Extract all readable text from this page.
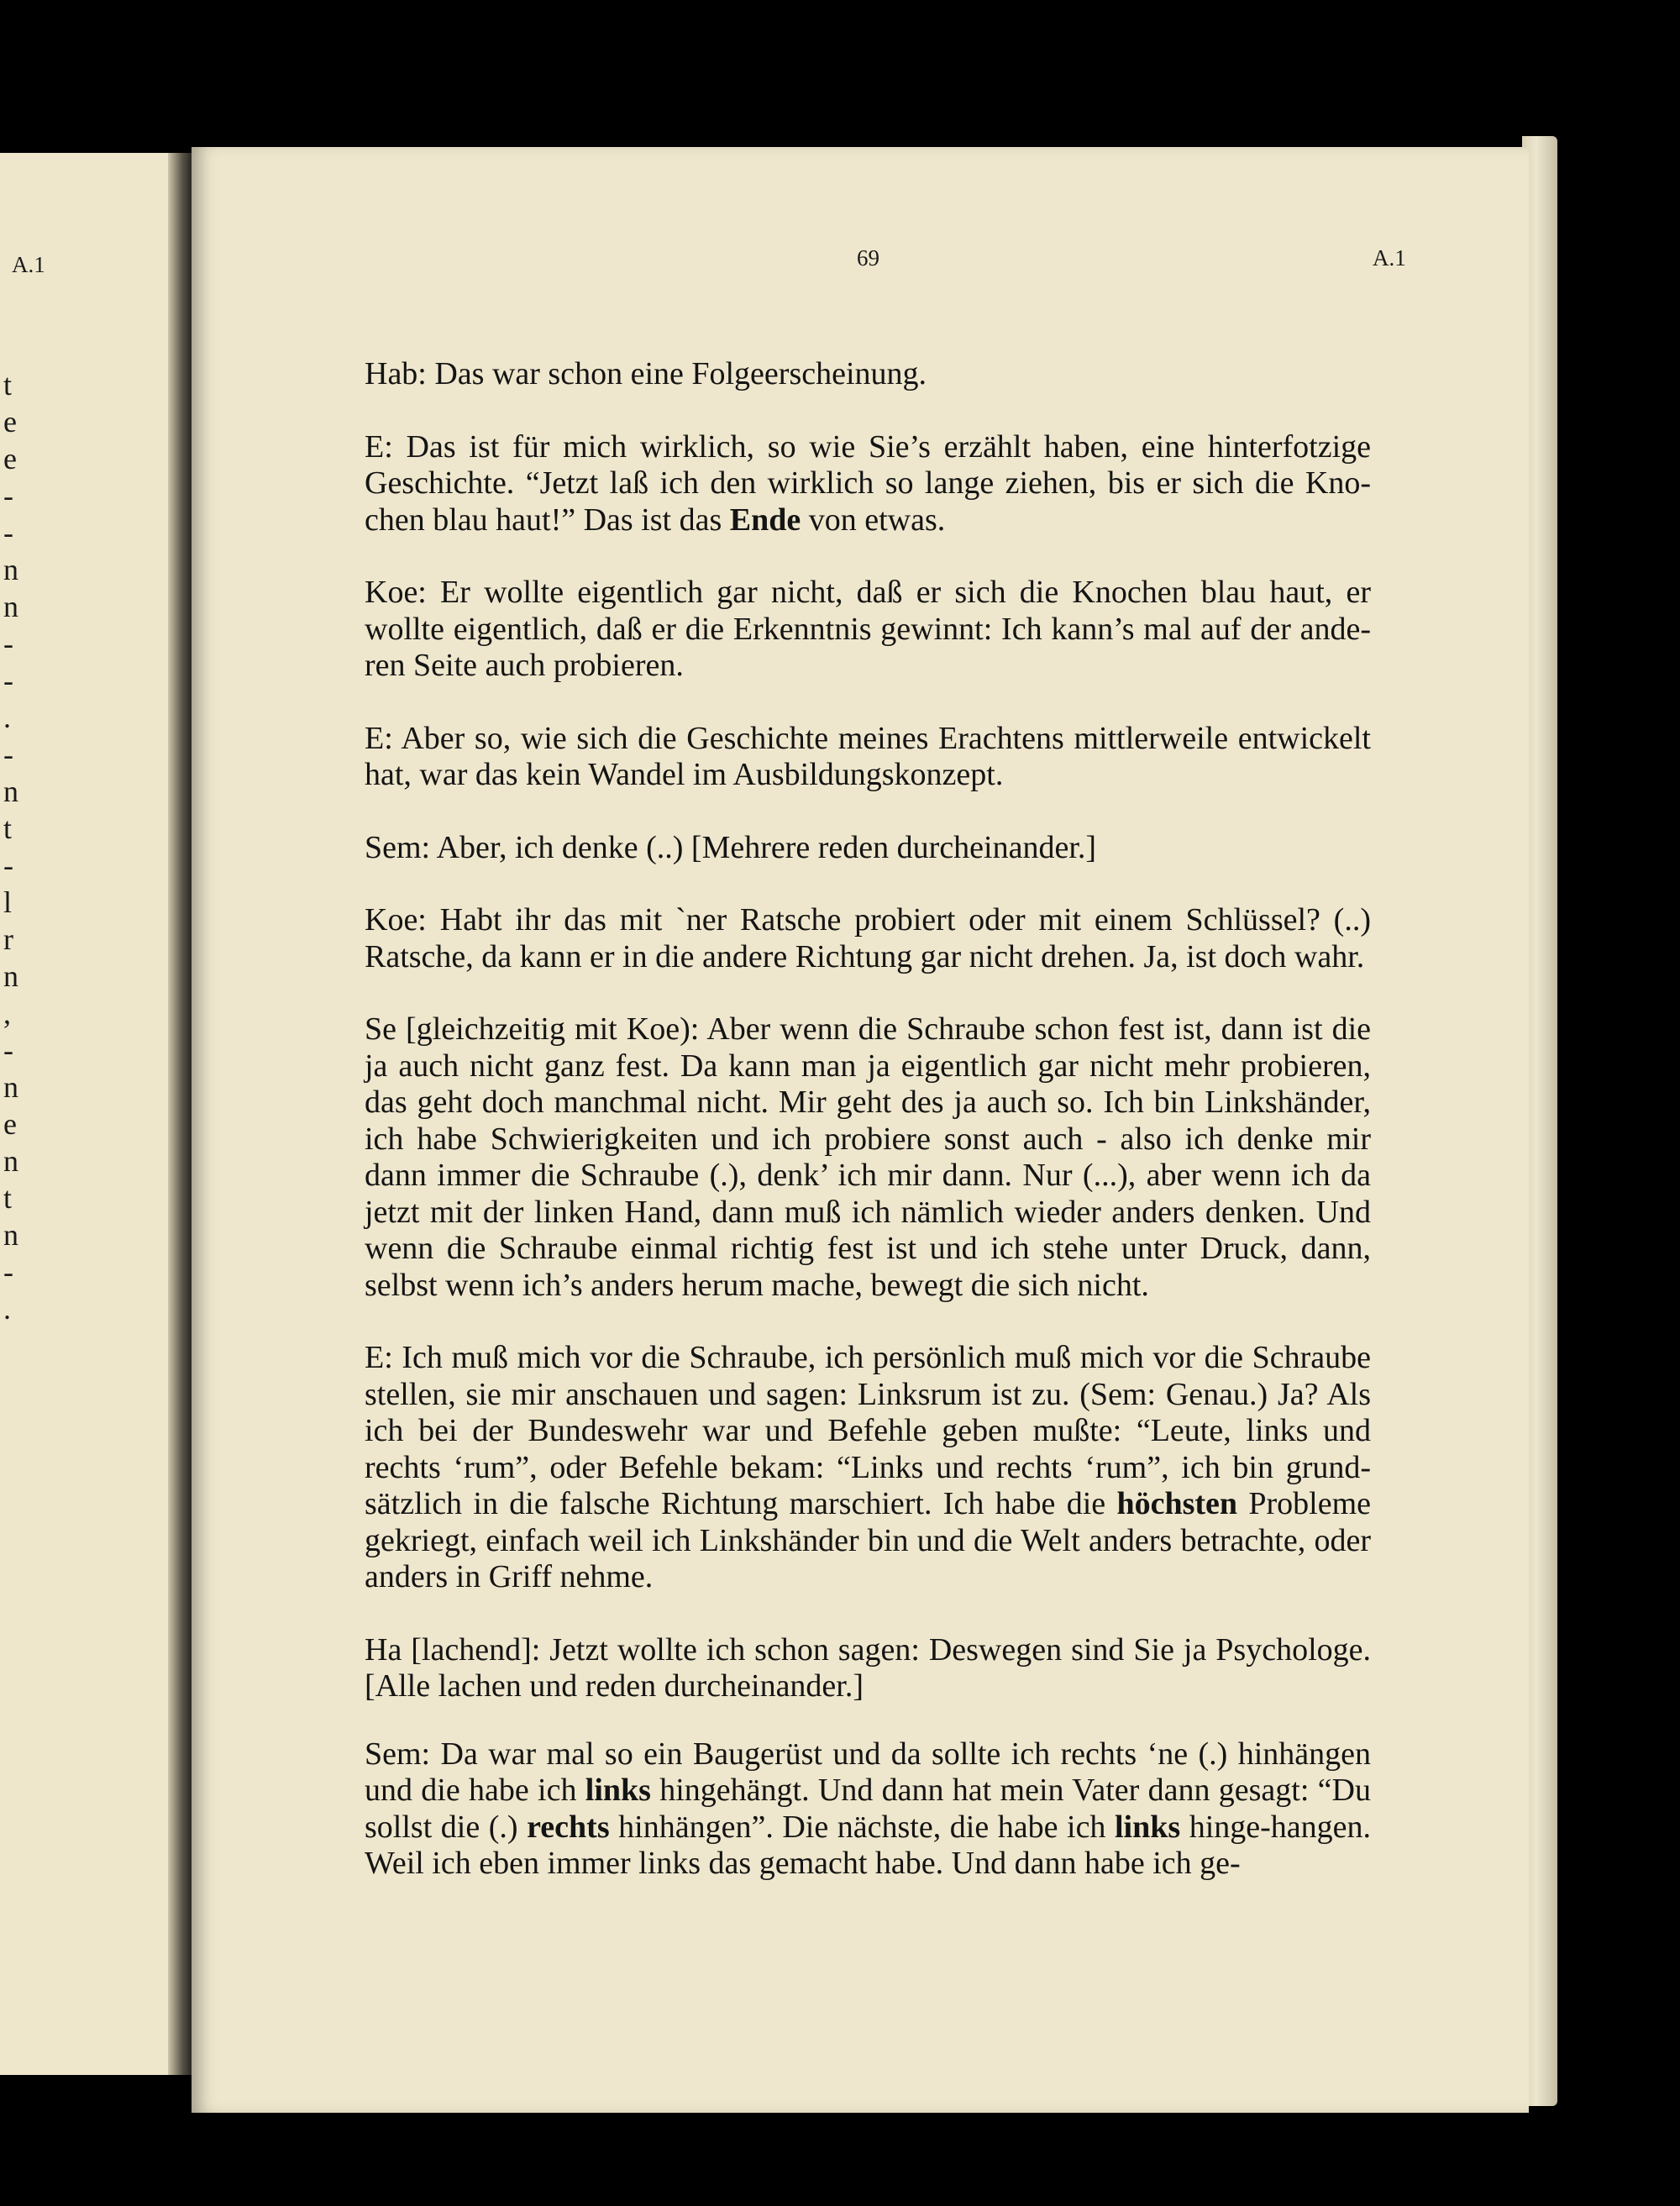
A.1
t
e
e
-
-
n
n
-
-
.
-
n
t
-
l
r
n
,
-
n
e
n
t
n
-
.
A.1
69

Hab: Das war schon eine Folgeerscheinung.

E: Das ist für mich wirklich, so wie Sie’s erzählt haben, eine hinterfotzige Geschichte. “Jetzt laß ich den wirklich so lange ziehen, bis er sich die Kno-chen blau haut!” Das ist das Ende von etwas.

Koe: Er wollte eigentlich gar nicht, daß er sich die Knochen blau haut, er wollte eigentlich, daß er die Erkenntnis gewinnt: Ich kann’s mal auf der ande-ren Seite auch probieren.

E: Aber so, wie sich die Geschichte meines Erachtens mittlerweile entwickelt hat, war das kein Wandel im Ausbildungskonzept.

Sem: Aber, ich denke (..) [Mehrere reden durcheinander.]

Koe: Habt ihr das mit `ner Ratsche probiert oder mit einem Schlüssel? (..) Ratsche, da kann er in die andere Richtung gar nicht drehen. Ja, ist doch wahr.

Se [gleichzeitig mit Koe): Aber wenn die Schraube schon fest ist, dann ist die ja auch nicht ganz fest. Da kann man ja eigentlich gar nicht mehr probieren, das geht doch manchmal nicht. Mir geht des ja auch so. Ich bin Linkshänder, ich habe Schwierigkeiten und ich probiere sonst auch - also ich denke mir dann immer die Schraube (.), denk’ ich mir dann. Nur (...), aber wenn ich da jetzt mit der linken Hand, dann muß ich nämlich wieder anders denken. Und wenn die Schraube einmal richtig fest ist und ich stehe unter Druck, dann, selbst wenn ich’s anders herum mache, bewegt die sich nicht.

E: Ich muß mich vor die Schraube, ich persönlich muß mich vor die Schraube stellen, sie mir anschauen und sagen: Linksrum ist zu. (Sem: Genau.) Ja? Als ich bei der Bundeswehr war und Befehle geben mußte: “Leute, links und rechts ‘rum”, oder Befehle bekam: “Links und rechts ‘rum”, ich bin grund-sätzlich in die falsche Richtung marschiert. Ich habe die höchsten Probleme gekriegt, einfach weil ich Linkshänder bin und die Welt anders betrachte, oder anders in Griff nehme.

Ha [lachend]: Jetzt wollte ich schon sagen: Deswegen sind Sie ja Psychologe. [Alle lachen und reden durcheinander.]

Sem: Da war mal so ein Baugerüst und da sollte ich rechts ‘ne (.) hinhängen und die habe ich links hingehängt. Und dann hat mein Vater dann gesagt: “Du sollst die (.) rechts hinhängen”. Die nächste, die habe ich links hinge-hangen. Weil ich eben immer links das gemacht habe. Und dann habe ich ge-
